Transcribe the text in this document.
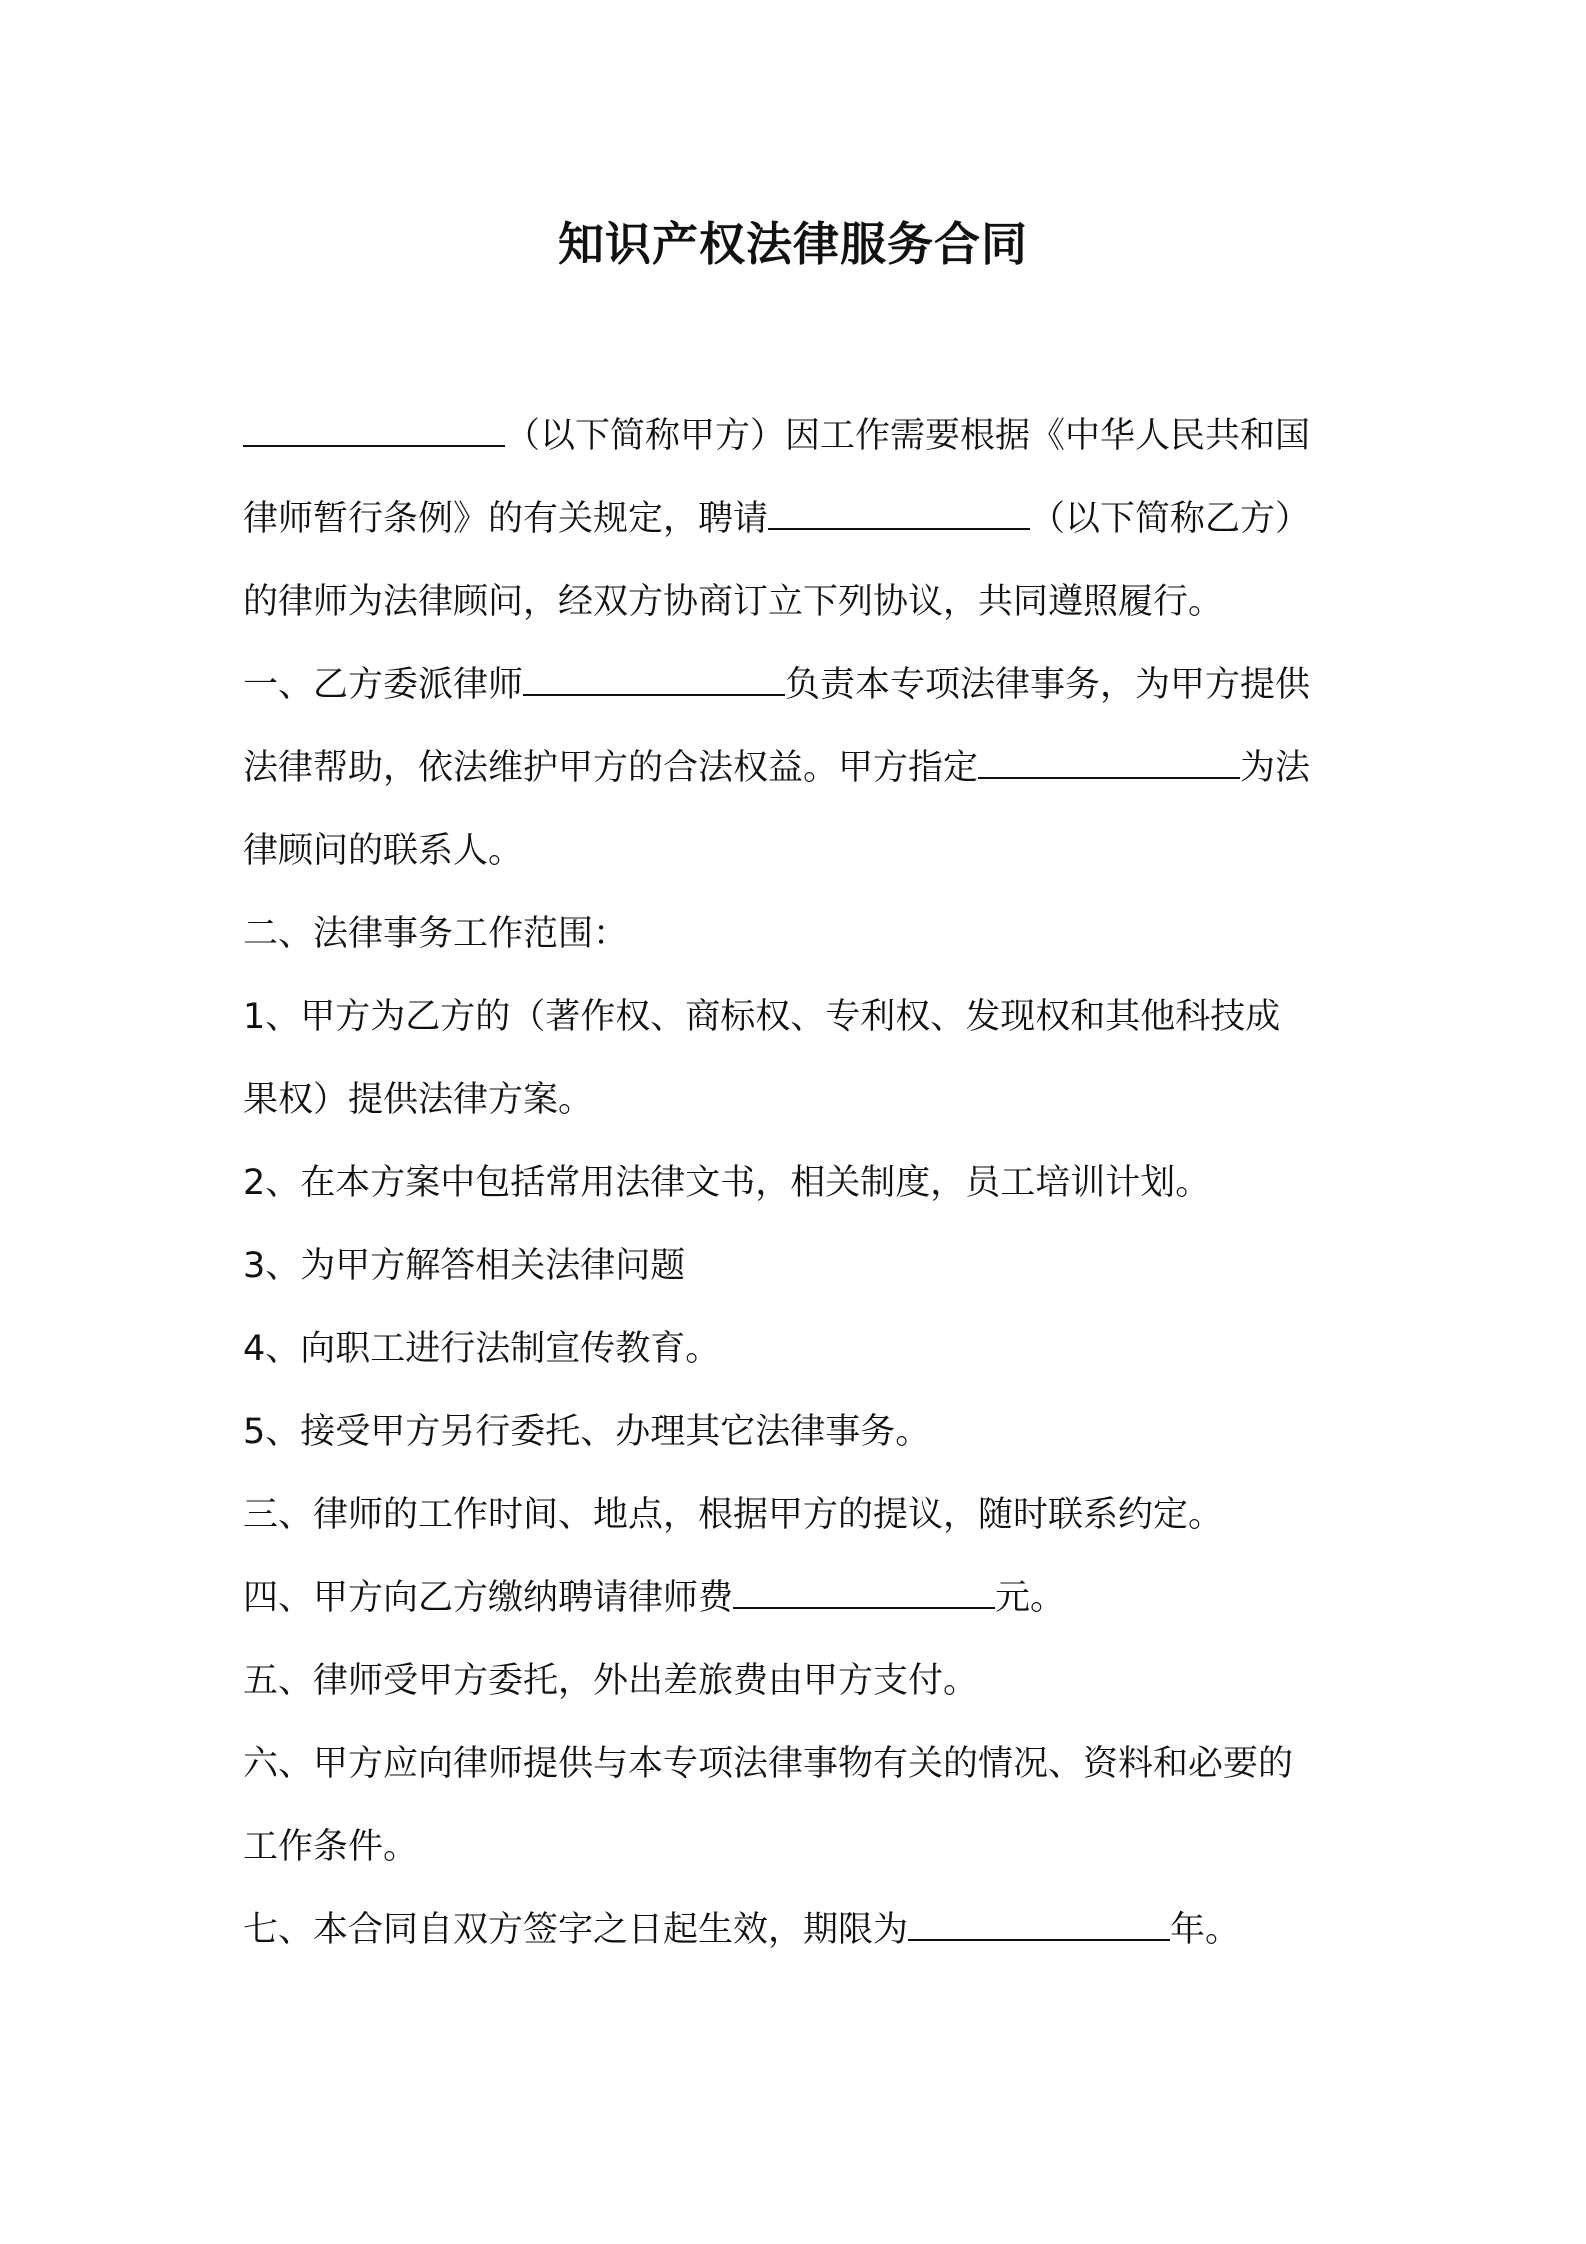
知识产权法律服务合同
（以下简称甲方）因工作需要根据《中华人民共和国
律师暂行条例》的有关规定，聘请	（以下简称乙方）
的律师为法律顾问，经双方协商订立下列协议，共同遵照履行。
一、乙方委派律师	负责本专项法律事务，为甲方提供
法律帮助，依法维护甲方的合法权益。甲方指定	为法
律顾问的联系人。
二、法律事务工作范围：
1、甲方为乙方的（著作权、商标权、专利权、发现权和其他科技成
果权）提供法律方案。
2、在本方案中包括常用法律文书，相关制度，员工培训计划。
3、为甲方解答相关法律问题
4、向职工进行法制宣传教育。
5、接受甲方另行委托、办理其它法律事务。
三、律师的工作时间、地点，根据甲方的提议，随时联系约定。
四、甲方向乙方缴纳聘请律师费	元。
五、律师受甲方委托，外出差旅费由甲方支付。
六、甲方应向律师提供与本专项法律事物有关的情况、资料和必要的
工作条件。
七、本合同自双方签字之日起生效，期限为	年。
